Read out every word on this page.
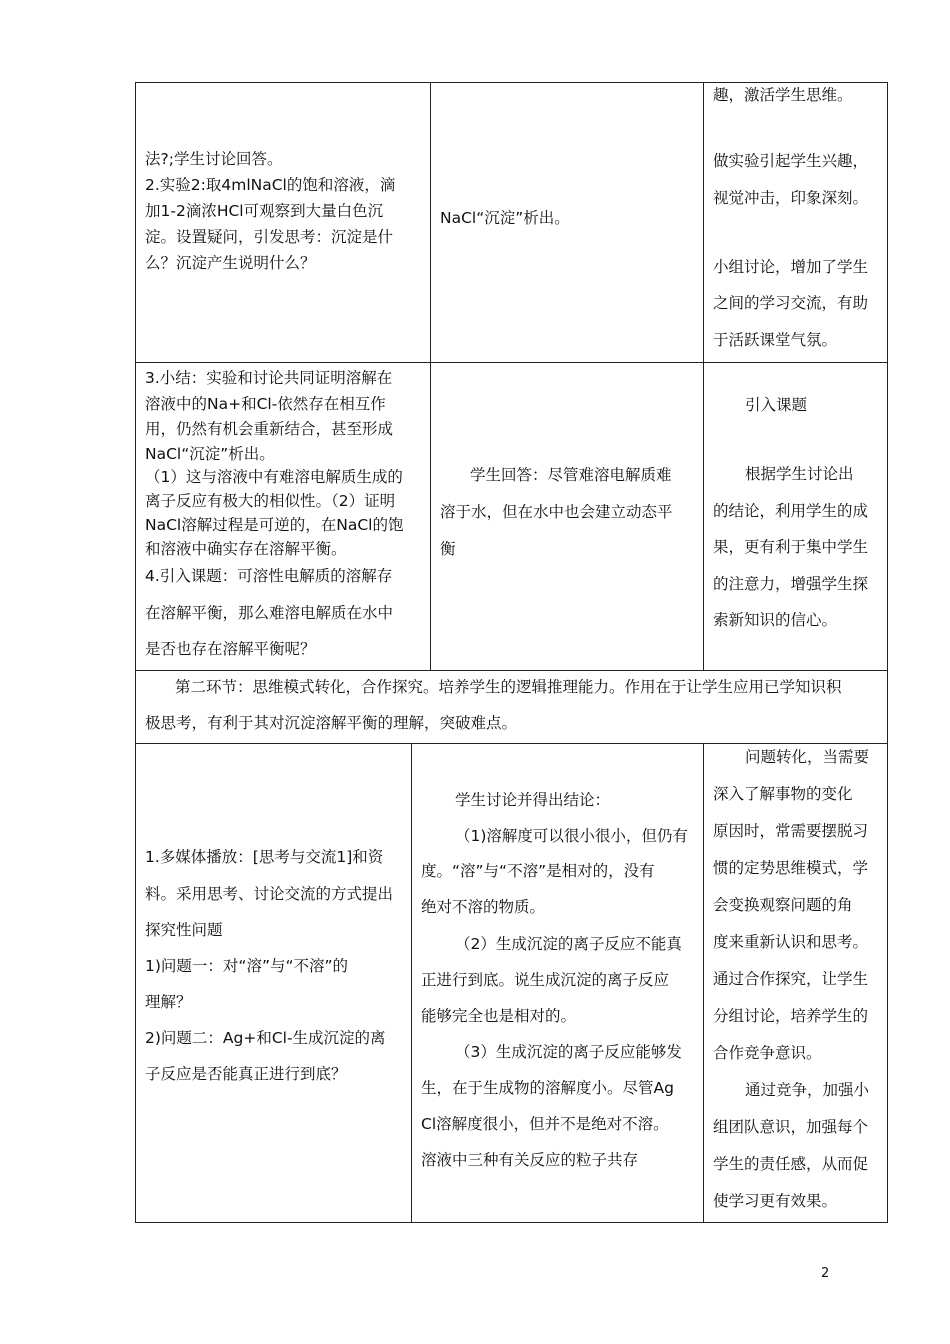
法?;学生讨论回答。
2.实验2:取4mlNaCl的饱和溶液，滴
加1-2滴浓HCl可观察到大量白色沉
淀。设置疑问，引发思考：沉淀是什
么？沉淀产生说明什么？
NaCl“沉淀”析出。
趣，激活学生思维。
做实验引起学生兴趣，
视觉冲击，印象深刻。
小组讨论，增加了学生
之间的学习交流，有助
于活跃课堂气氛。
3.小结：实验和讨论共同证明溶解在
溶液中的Na+和Cl-依然存在相互作
用，仍然有机会重新结合，甚至形成
NaCl“沉淀”析出。
（1）这与溶液中有难溶电解质生成的
离子反应有极大的相似性。（2）证明
NaCl溶解过程是可逆的，在NaCl的饱
和溶液中确实存在溶解平衡。
4.引入课题：可溶性电解质的溶解存
在溶解平衡，那么难溶电解质在水中
是否也存在溶解平衡呢？
学生回答：尽管难溶电解质难
溶于水，但在水中也会建立动态平
衡
引入课题
根据学生讨论出
的结论，利用学生的成
果，更有利于集中学生
的注意力，增强学生探
索新知识的信心。
第二环节：思维模式转化，合作探究。培养学生的逻辑推理能力。作用在于让学生应用已学知识积
极思考，有利于其对沉淀溶解平衡的理解，突破难点。
1.多媒体播放：[思考与交流1]和资
料。采用思考、讨论交流的方式提出
探究性问题
1)问题一：对“溶”与“不溶”的
理解？
2)问题二：Ag+和Cl-生成沉淀的离
子反应是否能真正进行到底？
学生讨论并得出结论：
（1)溶解度可以很小很小，但仍有
度。“溶”与“不溶”是相对的，没有
绝对不溶的物质。
（2）生成沉淀的离子反应不能真
正进行到底。说生成沉淀的离子反应
能够完全也是相对的。
（3）生成沉淀的离子反应能够发
生，在于生成物的溶解度小。尽管Ag
Cl溶解度很小，但并不是绝对不溶。
溶液中三种有关反应的粒子共存
问题转化，当需要
深入了解事物的变化
原因时，常需要摆脱习
惯的定势思维模式，学
会变换观察问题的角
度来重新认识和思考。
通过合作探究，让学生
分组讨论，培养学生的
合作竞争意识。
通过竞争，加强小
组团队意识，加强每个
学生的责任感，从而促
使学习更有效果。
2
